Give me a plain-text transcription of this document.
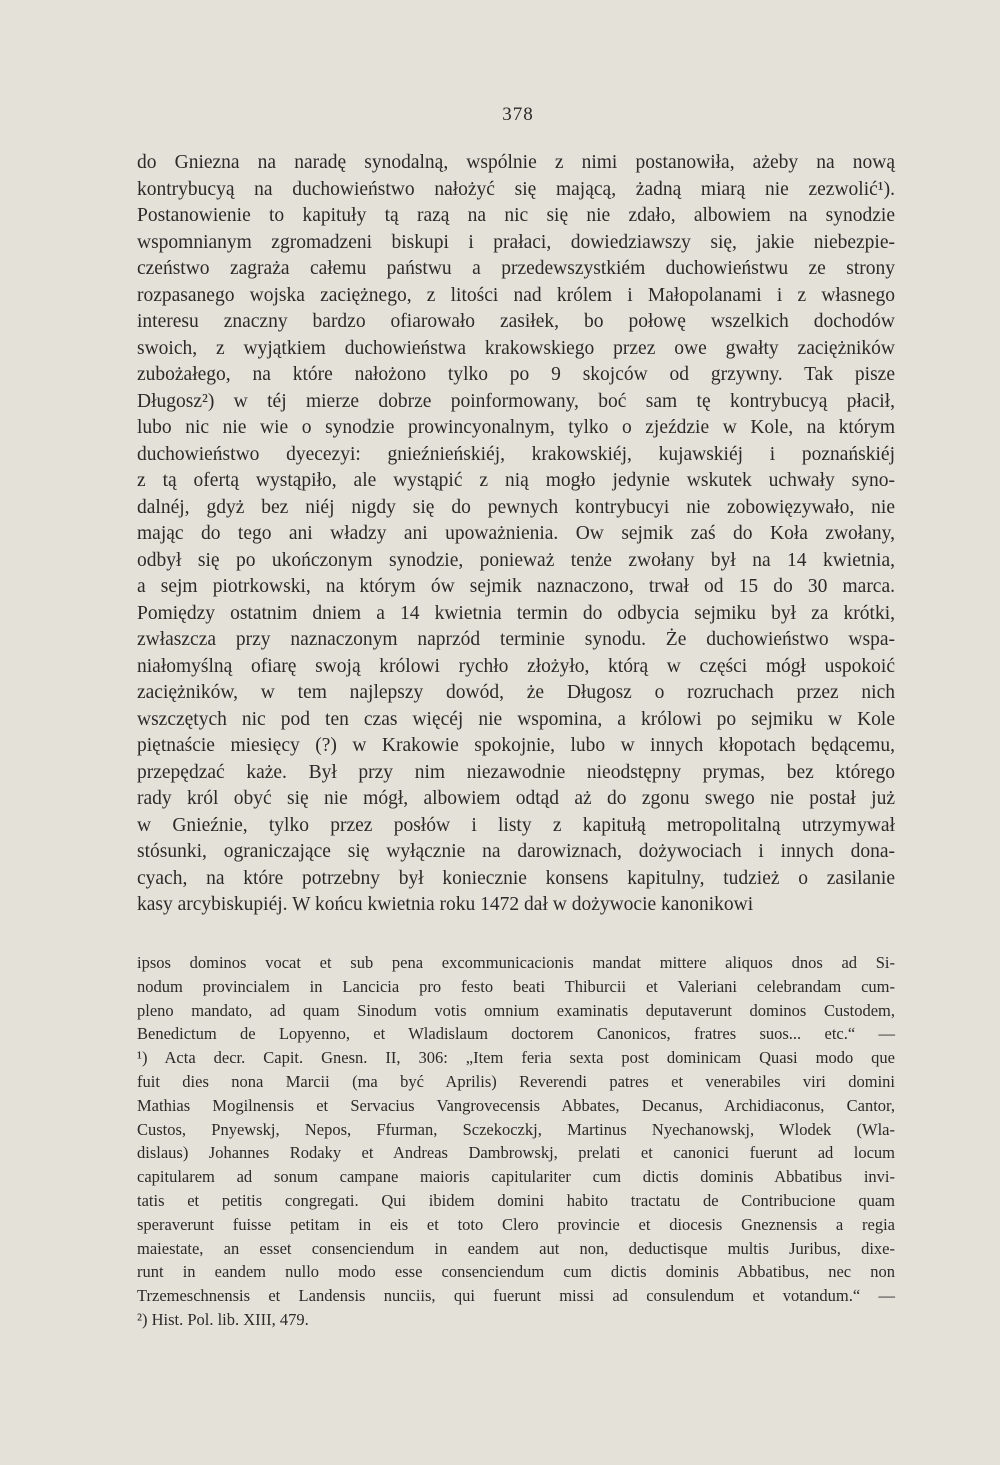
378
do Gniezna na naradę synodalną, wspólnie z nimi postanowiła, ażeby na nową
kontrybucyą na duchowieństwo nałożyć się mającą, żadną miarą nie zezwolić¹).
Postanowienie to kapituły tą razą na nic się nie zdało, albowiem na synodzie
wspomnianym zgromadzeni biskupi i prałaci, dowiedziawszy się, jakie niebezpie-
czeństwo zagraża całemu państwu a przedewszystkiém duchowieństwu ze strony
rozpasanego wojska zaciężnego, z litości nad królem i Małopolanami i z własnego
interesu znaczny bardzo ofiarowało zasiłek, bo połowę wszelkich dochodów
swoich, z wyjątkiem duchowieństwa krakowskiego przez owe gwałty zaciężników
zubożałego, na które nałożono tylko po 9 skojców od grzywny. Tak pisze
Długosz²) w téj mierze dobrze poinformowany, boć sam tę kontrybucyą płacił,
lubo nic nie wie o synodzie prowincyonalnym, tylko o zjeździe w Kole, na którym
duchowieństwo dyecezyi: gnieźnieńskiéj, krakowskiéj, kujawskiéj i poznańskiéj
z tą ofertą wystąpiło, ale wystąpić z nią mogło jedynie wskutek uchwały syno-
dalnéj, gdyż bez niéj nigdy się do pewnych kontrybucyi nie zobowięzywało, nie
mając do tego ani władzy ani upoważnienia. Ow sejmik zaś do Koła zwołany,
odbył się po ukończonym synodzie, ponieważ tenże zwołany był na 14 kwietnia,
a sejm piotrkowski, na którym ów sejmik naznaczono, trwał od 15 do 30 marca.
Pomiędzy ostatnim dniem a 14 kwietnia termin do odbycia sejmiku był za krótki,
zwłaszcza przy naznaczonym naprzód terminie synodu. Że duchowieństwo wspa-
niałomyślną ofiarę swoją królowi rychło złożyło, którą w części mógł uspokoić
zaciężników, w tem najlepszy dowód, że Długosz o rozruchach przez nich
wszczętych nic pod ten czas więcéj nie wspomina, a królowi po sejmiku w Kole
piętnaście miesięcy (?) w Krakowie spokojnie, lubo w innych kłopotach będącemu,
przepędzać każe. Był przy nim niezawodnie nieodstępny prymas, bez którego
rady król obyć się nie mógł, albowiem odtąd aż do zgonu swego nie postał już
w Gnieźnie, tylko przez posłów i listy z kapitułą metropolitalną utrzymywał
stósunki, ograniczające się wyłącznie na darowiznach, dożywociach i innych dona-
cyach, na które potrzebny był koniecznie konsens kapitulny, tudzież o zasilanie
kasy arcybiskupiéj. W końcu kwietnia roku 1472 dał w dożywocie kanonikowi
ipsos dominos vocat et sub pena excommunicacionis mandat mittere aliquos dnos ad Si-
nodum provincialem in Lancicia pro festo beati Thiburcii et Valeriani celebrandam cum-
pleno mandato, ad quam Sinodum votis omnium examinatis deputaverunt dominos Custodem,
Benedictum de Lopyenno, et Wladislaum doctorem Canonicos, fratres suos... etc.“ —
¹) Acta decr. Capit. Gnesn. II, 306: „Item feria sexta post dominicam Quasi modo que
fuit dies nona Marcii (ma być Aprilis) Reverendi patres et venerabiles viri domini
Mathias Mogilnensis et Servacius Vangrovecensis Abbates, Decanus, Archidiaconus, Cantor,
Custos, Pnyewskj, Nepos, Ffurman, Sczekoczkj, Martinus Nyechanowskj, Wlodek (Wla-
dislaus) Johannes Rodaky et Andreas Dambrowskj, prelati et canonici fuerunt ad locum
capitularem ad sonum campane maioris capitulariter cum dictis dominis Abbatibus invi-
tatis et petitis congregati. Qui ibidem domini habito tractatu de Contribucione quam
speraverunt fuisse petitam in eis et toto Clero provincie et diocesis Gneznensis a regia
maiestate, an esset consenciendum in eandem aut non, deductisque multis Juribus, dixe-
runt in eandem nullo modo esse consenciendum cum dictis dominis Abbatibus, nec non
Trzemeschnensis et Landensis nunciis, qui fuerunt missi ad consulendum et votandum.“ —
²) Hist. Pol. lib. XIII, 479.
